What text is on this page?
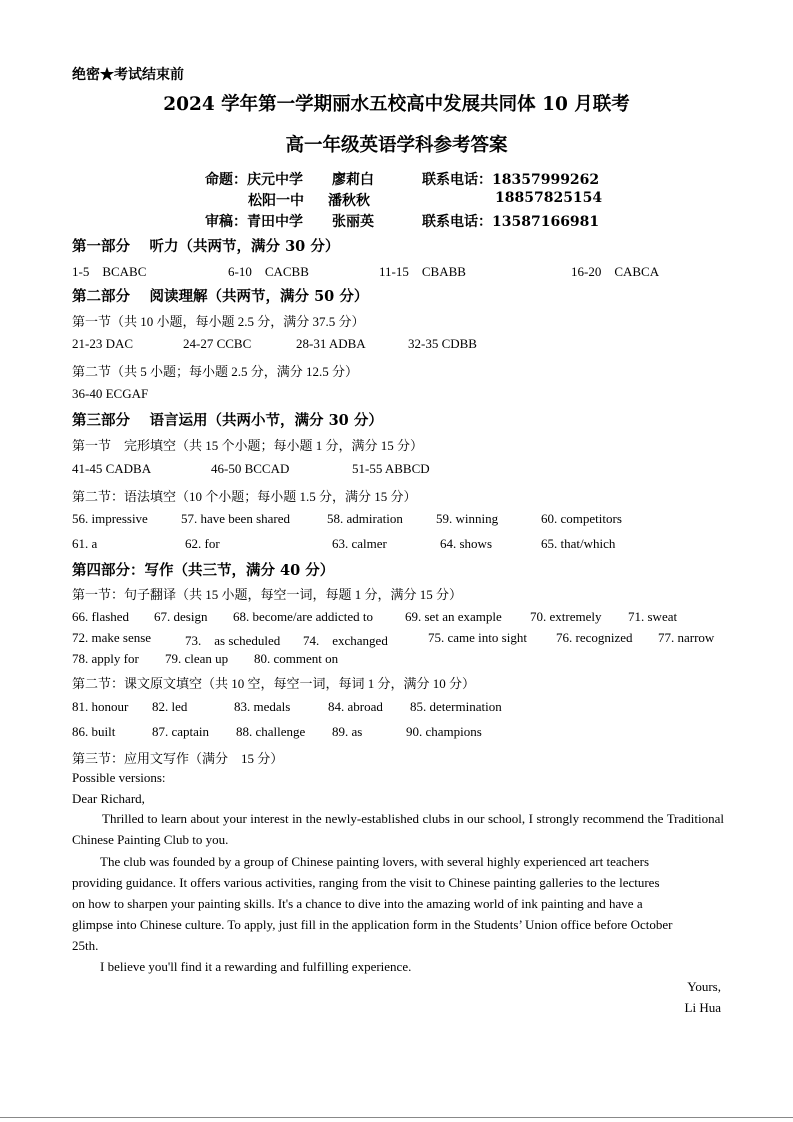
绝密★考试结束前
2024 学年第一学期丽水五校高中发展共同体 10 月联考
高一年级英语学科参考答案
命题：庆元中学 廖莉白	联系电话：18357999262
松阳一中 潘秋秋	18857825154
审稿：青田中学 张丽英	联系电话：13587166981
第一部分　 听力（共两节，满分 30 分）
1-5　BCABC	6-10　CACBB	11-15　CBABB	16-20　CABCA
第二部分　 阅读理解（共两节，满分 50 分）
第一节（共 10 小题，每小题 2.5 分，满分 37.5 分）
21-23 DAC	24-27 CCBC	28-31 ADBA	32-35 CDBB
第二节（共 5 小题；每小题 2.5 分，满分 12.5 分）
36-40 ECGAF
第三部分　 语言运用（共两小节，满分 30 分）
第一节　完形填空（共 15 个小题；每小题 1 分，满分 15 分）
41-45 CADBA	46-50 BCCAD	51-55 ABBCD
第二节：语法填空（10 个小题；每小题 1.5 分，满分 15 分）
56. impressive	57. have been shared	58. admiration	59. winning	60. competitors
61. a	62. for	63. calmer	64. shows	65. that/which
第四部分：写作（共三节，满分 40 分）
第一节：句子翻译（共 15 小题，每空一词，每题 1 分，满分 15 分）
66. flashed 67. design 68. become/are addicted to 69. set an example 70. extremely 71. sweat
72. make sense	73.　as scheduled 74.　exchanged	75. came into sight 76. recognized 77. narrow
78. apply for 79. clean up 80. comment on
第二节：课文原文填空（共 10 空，每空一词，每词 1 分，满分 10 分）
81. honour 82. led	83. medals	84. abroad 85. determination
86. built	87. captain 88. challenge 89. as	90. champions
第三节：应用文写作（满分　15 分）
Possible versions:
Dear Richard,
Thrilled to learn about your interest in the newly-established clubs in our school, I strongly recommend the Traditional Chinese Painting Club to you.
The club was founded by a group of Chinese painting lovers, with several highly experienced art teachers
providing guidance. It offers various activities, ranging from the visit to Chinese painting galleries to the lectures
on how to sharpen your painting skills. It's a chance to dive into the amazing world of ink painting and have a
glimpse into Chinese culture. To apply, just fill in the application form in the Students’ Union office before October
25th.
I believe you'll find it a rewarding and fulfilling experience.
Yours,
Li Hua
